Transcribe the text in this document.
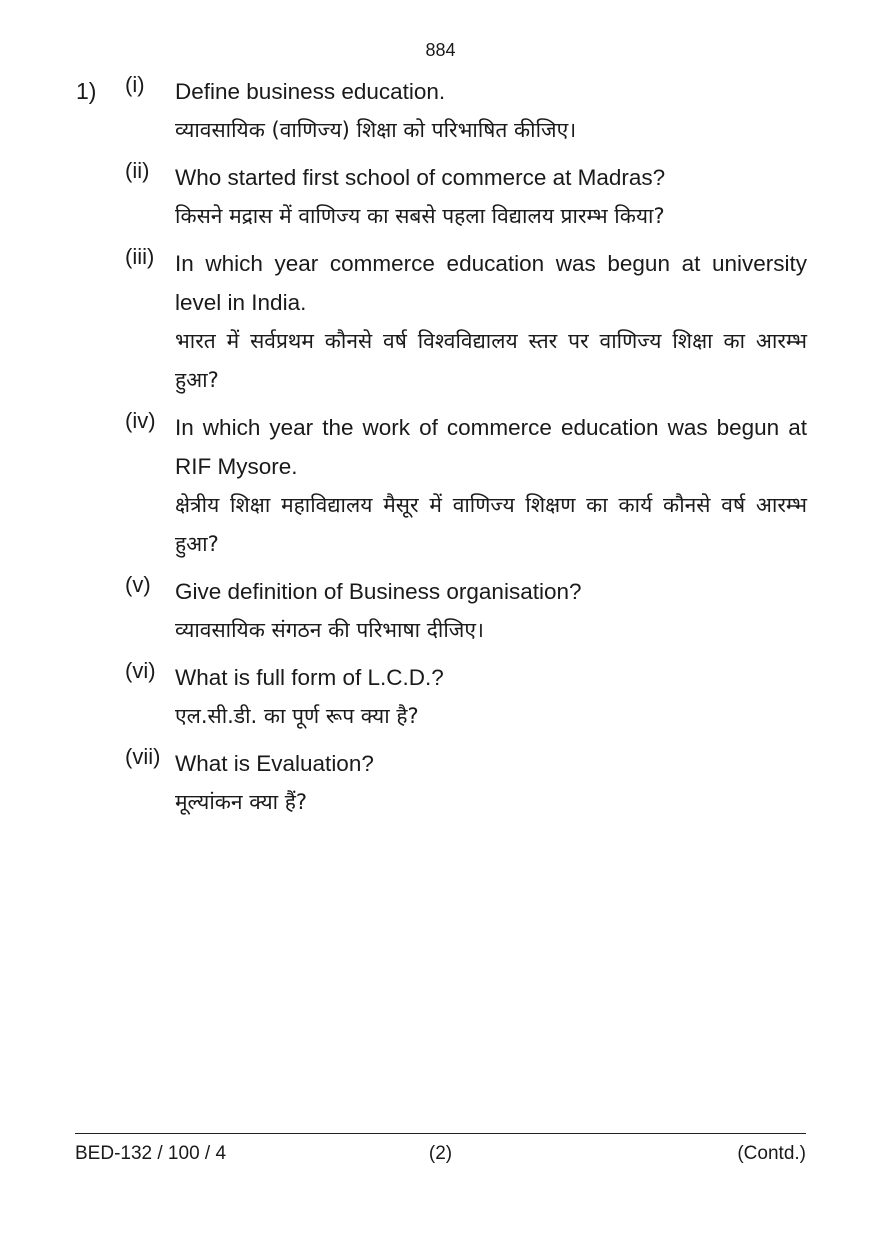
884
1) (i) Define business education.
व्यावसायिक (वाणिज्य) शिक्षा को परिभाषित कीजिए।
(ii) Who started first school of commerce at Madras?
किसने मद्रास में वाणिज्य का सबसे पहला विद्यालय प्रारम्भ किया?
(iii) In which year commerce education was begun at university level in India.
भारत में सर्वप्रथम कौनसे वर्ष विश्वविद्यालय स्तर पर वाणिज्य शिक्षा का आरम्भ हुआ?
(iv) In which year the work of commerce education was begun at RIF Mysore.
क्षेत्रीय शिक्षा महाविद्यालय मैसूर में वाणिज्य शिक्षण का कार्य कौनसे वर्ष आरम्भ हुआ?
(v) Give definition of Business organisation?
व्यावसायिक संगठन की परिभाषा दीजिए।
(vi) What is full form of L.C.D.?
एल.सी.डी. का पूर्ण रूप क्या है?
(vii) What is Evaluation?
मूल्यांकन क्या हैं?
BED-132 / 100 / 4	(2)	(Contd.)
